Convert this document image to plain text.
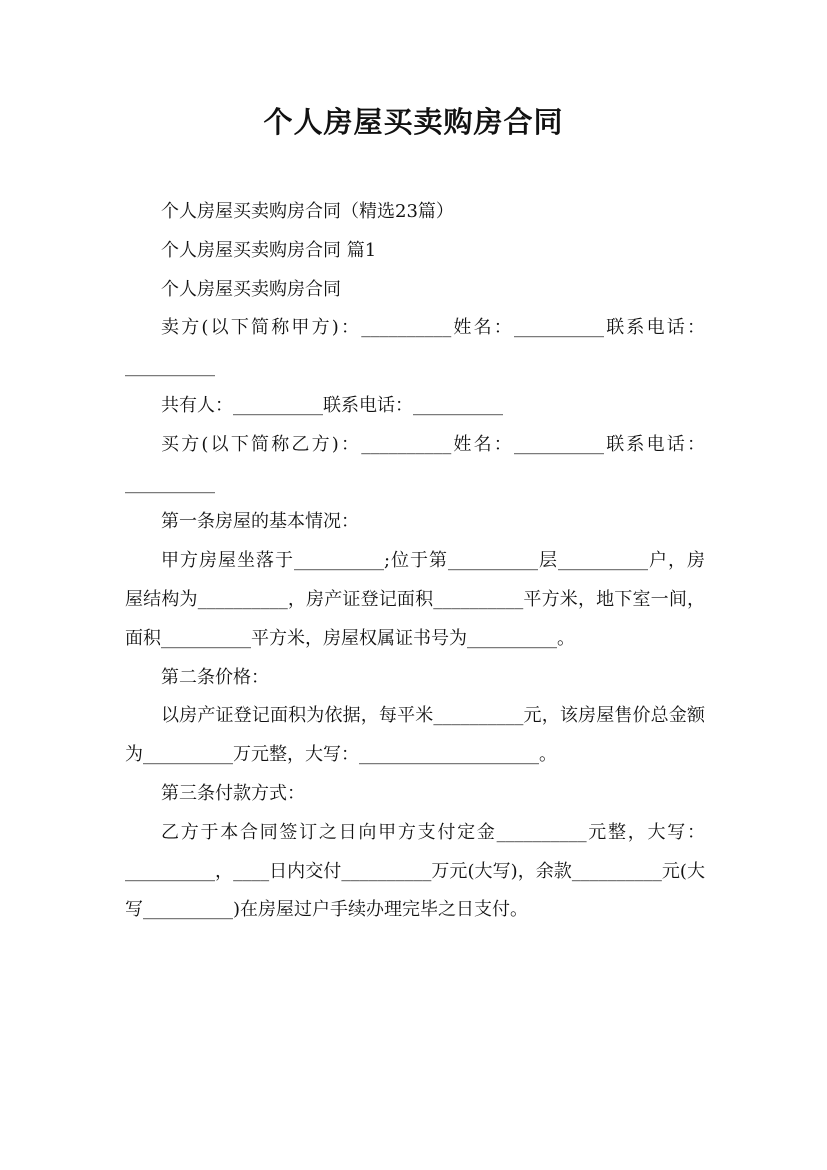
个人房屋买卖购房合同

个人房屋买卖购房合同（精选23篇）

个人房屋买卖购房合同 篇1

个人房屋买卖购房合同

卖方(以下简称甲方)：__________姓名：__________联系电话：__________

共有人：__________联系电话：__________

买方(以下简称乙方)：__________姓名：__________联系电话：__________

第一条房屋的基本情况：

甲方房屋坐落于__________;位于第__________层__________户，房屋结构为__________，房产证登记面积__________平方米，地下室一间，面积__________平方米，房屋权属证书号为__________。

第二条价格：

以房产证登记面积为依据，每平米__________元，该房屋售价总金额为__________万元整，大写：____________________。

第三条付款方式：

乙方于本合同签订之日向甲方支付定金__________元整，大写：__________，____日内交付__________万元(大写)，余款__________元(大写__________)在房屋过户手续办理完毕之日支付。
